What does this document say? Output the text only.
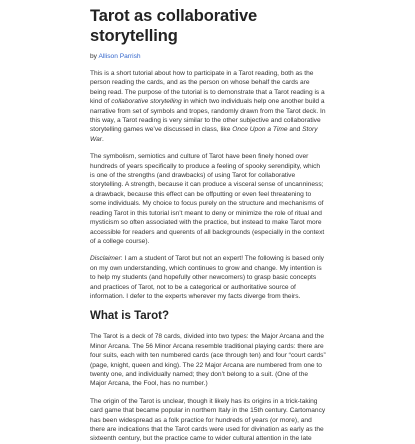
Tarot as collaborative storytelling
by Allison Parrish

This is a short tutorial about how to participate in a Tarot reading, both as the person reading the cards, and as the person on whose behalf the cards are being read. The purpose of the tutorial is to demonstrate that a Tarot reading is a kind of collaborative storytelling in which two individuals help one another build a narrative from set of symbols and tropes, randomly drawn from the Tarot deck. In this way, a Tarot reading is very similar to the other subjective and collaborative storytelling games we’ve discussed in class, like Once Upon a Time and Story War.

The symbolism, semiotics and culture of Tarot have been finely honed over hundreds of years specifically to produce a feeling of spooky serendipity, which is one of the strengths (and drawbacks) of using Tarot for collaborative storytelling. A strength, because it can produce a visceral sense of uncanniness; a drawback, because this effect can be offputting or even feel threatening to some individuals. My choice to focus purely on the structure and mechanisms of reading Tarot in this tutorial isn’t meant to deny or minimize the role of ritual and mysticism so often associated with the practice, but instead to make Tarot more accessible for readers and querents of all backgrounds (especially in the context of a college course).

Disclaimer: I am a student of Tarot but not an expert! The following is based only on my own understanding, which continues to grow and change. My intention is to help my students (and hopefully other newcomers) to grasp basic concepts and practices of Tarot, not to be a categorical or authoritative source of information. I defer to the experts wherever my facts diverge from theirs.

What is Tarot?

The Tarot is a deck of 78 cards, divided into two types: the Major Arcana and the Minor Arcana. The 56 Minor Arcana resemble traditional playing cards: there are four suits, each with ten numbered cards (ace through ten) and four “court cards” (page, knight, queen and king). The 22 Major Arcana are numbered from one to twenty one, and individually named; they don’t belong to a suit. (One of the Major Arcana, the Fool, has no number.)

The origin of the Tarot is unclear, though it likely has its origins in a trick-taking card game that became popular in northern Italy in the 15th century. Cartomancy has been widespread as a folk practice for hundreds of years (or more), and there are indications that the Tarot cards were used for divination as early as the sixteenth century, but the practice came to wider cultural attention in the late
